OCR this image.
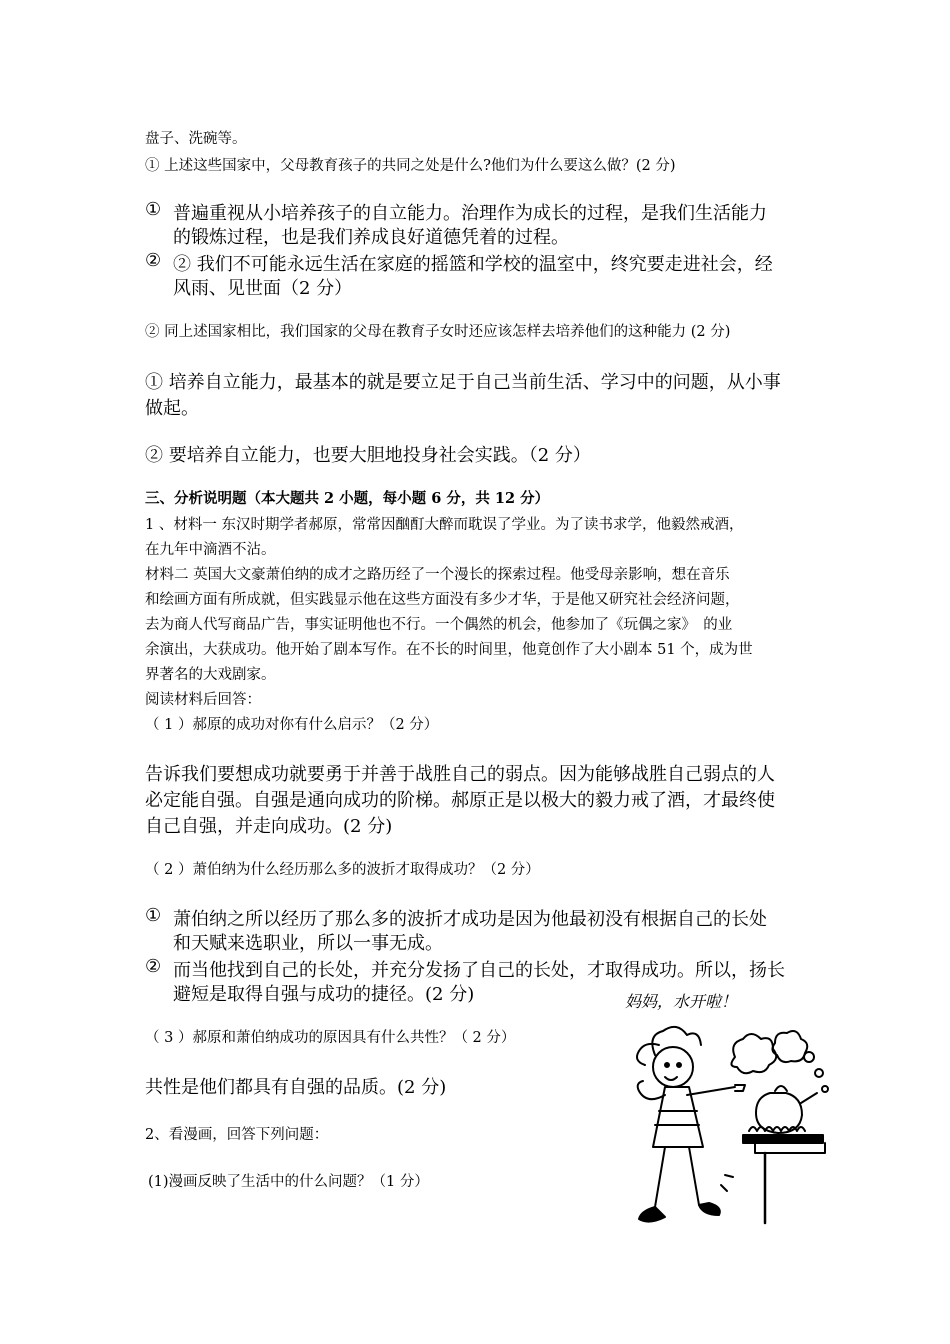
盘子、洗碗等。
① 上述这些国家中，父母教育孩子的共同之处是什么?他们为什么要这么做？(2 分)
① 普遍重视从小培养孩子的自立能力。治理作为成长的过程，是我们生活能力
的锻炼过程，也是我们养成良好道德凭着的过程。
② ② 我们不可能永远生活在家庭的摇篮和学校的温室中，终究要走进社会，经
风雨、见世面（2 分）
② 同上述国家相比，我们国家的父母在教育子女时还应该怎样去培养他们的这种能力 (2 分)
① 培养自立能力，最基本的就是要立足于自己当前生活、学习中的问题，从小事
做起。
② 要培养自立能力，也要大胆地投身社会实践。（2 分）
三、分析说明题（本大题共 2 小题，每小题 6 分，共 12 分）
1 、材料一 东汉时期学者郝原，常常因酗酊大醉而耽误了学业。为了读书求学，他毅然戒酒，
在九年中滴酒不沾。
材料二 英国大文豪萧伯纳的成才之路历经了一个漫长的探索过程。他受母亲影响，想在音乐
和绘画方面有所成就，但实践显示他在这些方面没有多少才华，于是他又研究社会经济问题，
去为商人代写商品广告，事实证明他也不行。一个偶然的机会，他参加了《玩偶之家》　的业
余演出，大获成功。他开始了剧本写作。在不长的时间里，他竟创作了大小剧本 51 个，成为世
界著名的大戏剧家。
阅读材料后回答：
（ 1 ）郝原的成功对你有什么启示？（2 分）
告诉我们要想成功就要勇于并善于战胜自己的弱点。因为能够战胜自己弱点的人
必定能自强。自强是通向成功的阶梯。郝原正是以极大的毅力戒了酒，才最终使
自己自强，并走向成功。(2 分)
（ 2 ）萧伯纳为什么经历那么多的波折才取得成功？（2 分）
① 萧伯纳之所以经历了那么多的波折才成功是因为他最初没有根据自己的长处
和天赋来选职业，所以一事无成。
② 而当他找到自己的长处，并充分发扬了自己的长处，才取得成功。所以，扬长
避短是取得自强与成功的捷径。(2 分)
（ 3 ）郝原和萧伯纳成功的原因具有什么共性？（ 2 分）
共性是他们都具有自强的品质。(2 分)
2、看漫画，回答下列问题：
(1)漫画反映了生活中的什么问题？（1 分）
妈妈，水开啦！
